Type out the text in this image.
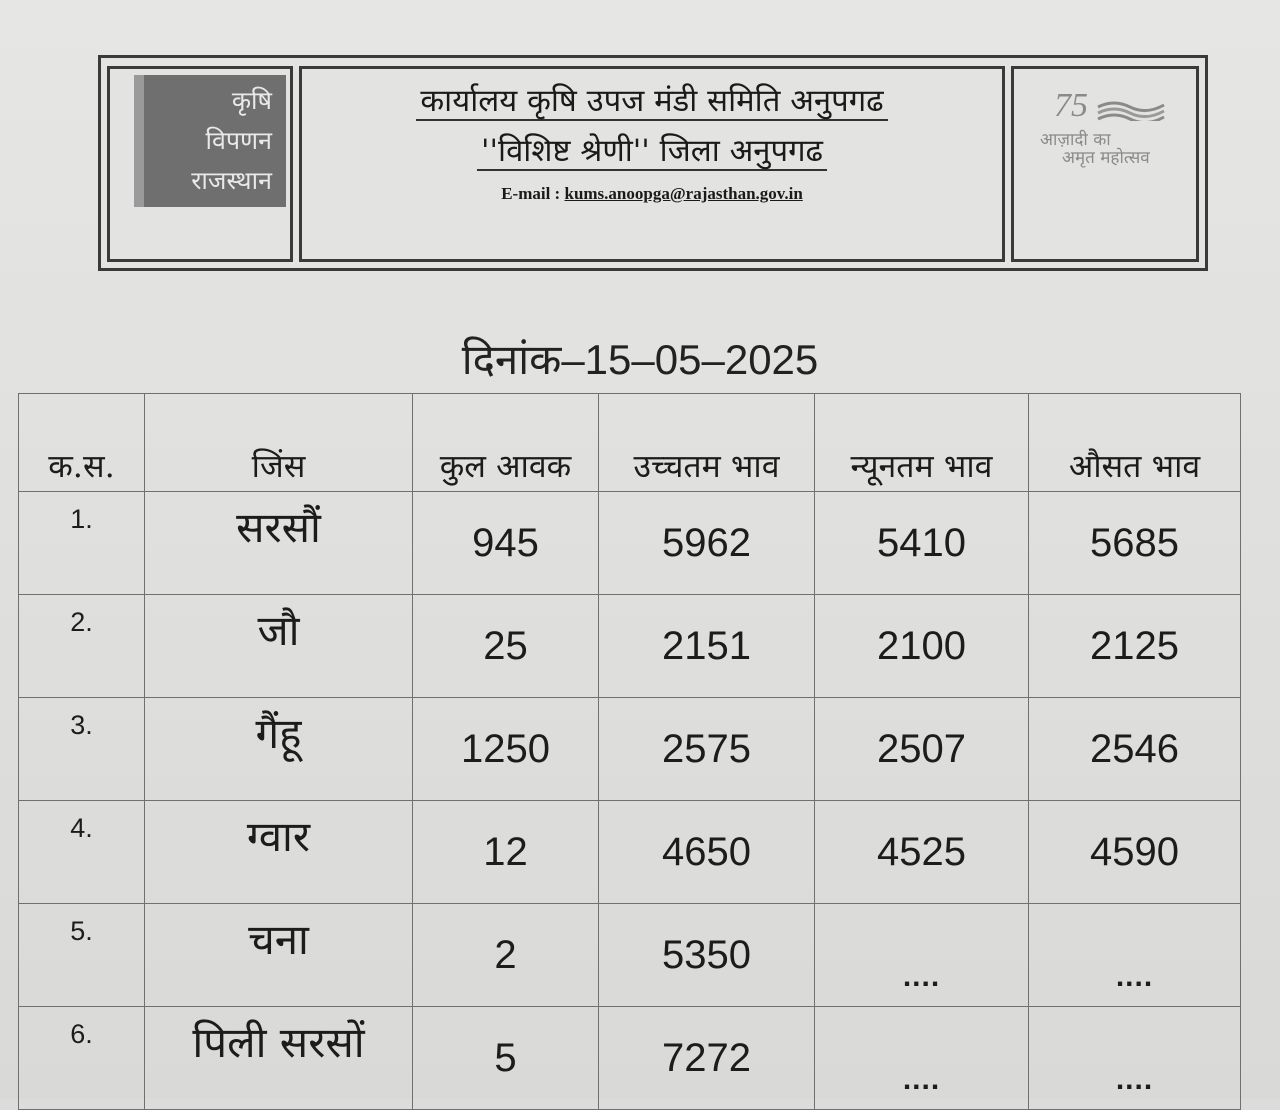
कृषि
विपणन
राजस्थान
कार्यालय कृषि उपज मंडी समिति अनुपगढ
''विशिष्ट श्रेणी'' जिला अनुपगढ
E-mail : kums.anoopga@rajasthan.gov.in
75
आज़ादी का
अमृत महोत्सव
दिनांक–15–05–2025
क.स.	जिंस	कुल आवक	उच्चतम भाव	न्यूनतम भाव	औसत भाव
1.	सरसौं	945	5962	5410	5685
2.	जौ	25	2151	2100	2125
3.	गैंहू	1250	2575	2507	2546
4.	ग्वार	12	4650	4525	4590
5.	चना	2	5350	....	....
6.	पिली सरसों	5	7272	....	....
